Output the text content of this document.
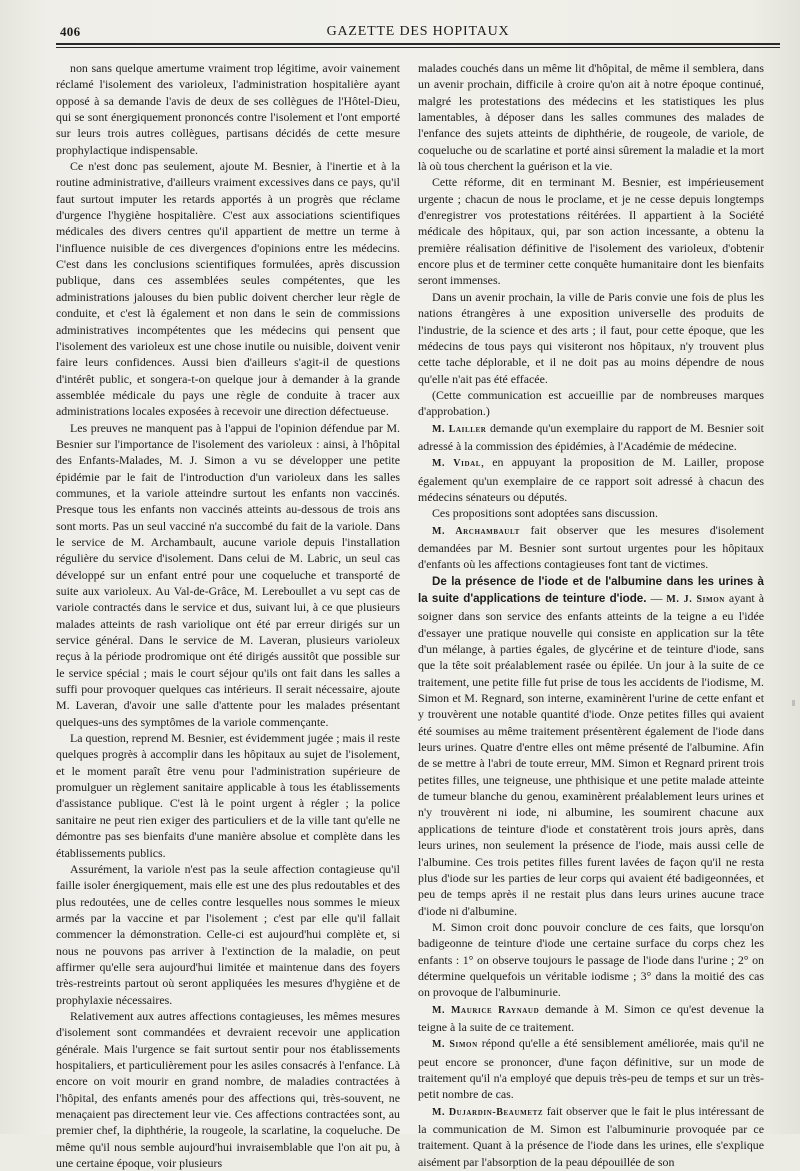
406	GAZETTE DES HOPITAUX

non sans quelque amertume vraiment trop légitime, avoir vainement réclamé l'isolement des varioleux, l'administration hospitalière ayant opposé à sa demande l'avis de deux de ses collègues de l'Hôtel-Dieu, qui se sont énergiquement prononcés contre l'isolement et l'ont emporté sur leurs trois autres collègues, partisans décidés de cette mesure prophylactique indispensable.

Ce n'est donc pas seulement, ajoute M. Besnier, à l'inertie et à la routine administrative, d'ailleurs vraiment excessives dans ce pays, qu'il faut surtout imputer les retards apportés à un progrès que réclame d'urgence l'hygiène hospitalière. C'est aux associations scientifiques médicales des divers centres qu'il appartient de mettre un terme à l'influence nuisible de ces divergences d'opinions entre les médecins. C'est dans les conclusions scientifiques formulées, après discussion publique, dans ces assemblées seules compétentes, que les administrations jalouses du bien public doivent chercher leur règle de conduite, et c'est là également et non dans le sein de commissions administratives incompétentes que les médecins qui pensent que l'isolement des varioleux est une chose inutile ou nuisible, doivent venir faire leurs confidences. Aussi bien d'ailleurs s'agit-il de questions d'intérêt public, et songera-t-on quelque jour à demander à la grande assemblée médicale du pays une règle de conduite à tracer aux administrations locales exposées à recevoir une direction défectueuse.

Les preuves ne manquent pas à l'appui de l'opinion défendue par M. Besnier sur l'importance de l'isolement des varioleux : ainsi, à l'hôpital des Enfants-Malades, M. J. Simon a vu se développer une petite épidémie par le fait de l'introduction d'un varioleux dans les salles communes, et la variole atteindre surtout les enfants non vaccinés. Presque tous les enfants non vaccinés atteints au-dessous de trois ans sont morts. Pas un seul vacciné n'a succombé du fait de la variole. Dans le service de M. Archambault, aucune variole depuis l'installation régulière du service d'isolement. Dans celui de M. Labric, un seul cas développé sur un enfant entré pour une coqueluche et transporté de suite aux varioleux. Au Val-de-Grâce, M. Lereboullet a vu sept cas de variole contractés dans le service et dus, suivant lui, à ce que plusieurs malades atteints de rash variolique ont été par erreur dirigés sur un service général. Dans le service de M. Laveran, plusieurs varioleux reçus à la période prodromique ont été dirigés aussitôt que possible sur le service spécial ; mais le court séjour qu'ils ont fait dans les salles a suffi pour provoquer quelques cas intérieurs. Il serait nécessaire, ajoute M. Laveran, d'avoir une salle d'attente pour les malades présentant quelques-uns des symptômes de la variole commençante.

La question, reprend M. Besnier, est évidemment jugée ; mais il reste quelques progrès à accomplir dans les hôpitaux au sujet de l'isolement, et le moment paraît être venu pour l'administration supérieure de promulguer un règlement sanitaire applicable à tous les établissements d'assistance publique. C'est là le point urgent à régler ; la police sanitaire ne peut rien exiger des particuliers et de la ville tant qu'elle ne démontre pas ses bienfaits d'une manière absolue et complète dans les établissements publics.

Assurément, la variole n'est pas la seule affection contagieuse qu'il faille isoler énergiquement, mais elle est une des plus redoutables et des plus redoutées, une de celles contre lesquelles nous sommes le mieux armés par la vaccine et par l'isolement ; c'est par elle qu'il fallait commencer la démonstration. Celle-ci est aujourd'hui complète et, si nous ne pouvons pas arriver à l'extinction de la maladie, on peut affirmer qu'elle sera aujourd'hui limitée et maintenue dans des foyers très-restreints partout où seront appliquées les mesures d'hygiène et de prophylaxie nécessaires.

Relativement aux autres affections contagieuses, les mêmes mesures d'isolement sont commandées et devraient recevoir une application générale. Mais l'urgence se fait surtout sentir pour nos établissements hospitaliers, et particulièrement pour les asiles consacrés à l'enfance. Là encore on voit mourir en grand nombre, de maladies contractées à l'hôpital, des enfants amenés pour des affections qui, très-souvent, ne menaçaient pas directement leur vie. Ces affections contractées sont, au premier chef, la diphthérie, la rougeole, la scarlatine, la coqueluche. De même qu'il nous semble aujourd'hui invraisemblable que l'on ait pu, à une certaine époque, voir plusieurs

malades couchés dans un même lit d'hôpital, de même il semblera, dans un avenir prochain, difficile à croire qu'on ait à notre époque continué, malgré les protestations des médecins et les statistiques les plus lamentables, à déposer dans les salles communes des malades de l'enfance des sujets atteints de diphthérie, de rougeole, de variole, de coqueluche ou de scarlatine et porté ainsi sûrement la maladie et la mort là où tous cherchent la guérison et la vie.

Cette réforme, dit en terminant M. Besnier, est impérieusement urgente ; chacun de nous le proclame, et je ne cesse depuis longtemps d'enregistrer vos protestations réitérées. Il appartient à la Société médicale des hôpitaux, qui, par son action incessante, a obtenu la première réalisation définitive de l'isolement des varioleux, d'obtenir encore plus et de terminer cette conquête humanitaire dont les bienfaits seront immenses.

Dans un avenir prochain, la ville de Paris convie une fois de plus les nations étrangères à une exposition universelle des produits de l'industrie, de la science et des arts ; il faut, pour cette époque, que les médecins de tous pays qui visiteront nos hôpitaux, n'y trouvent plus cette tache déplorable, et il ne doit pas au moins dépendre de nous qu'elle n'ait pas été effacée.

(Cette communication est accueillie par de nombreuses marques d'approbation.)

M. Lailler demande qu'un exemplaire du rapport de M. Besnier soit adressé à la commission des épidémies, à l'Académie de médecine.

M. Vidal, en appuyant la proposition de M. Lailler, propose également qu'un exemplaire de ce rapport soit adressé à chacun des médecins sénateurs ou députés.

Ces propositions sont adoptées sans discussion.

M. Archambault fait observer que les mesures d'isolement demandées par M. Besnier sont surtout urgentes pour les hôpitaux d'enfants où les affections contagieuses font tant de victimes.

De la présence de l'iode et de l'albumine dans les urines à la suite d'applications de teinture d'iode. — M. J. Simon ayant à soigner dans son service des enfants atteints de la teigne a eu l'idée d'essayer une pratique nouvelle qui consiste en application sur la tête d'un mélange, à parties égales, de glycérine et de teinture d'iode, sans que la tête soit préalablement rasée ou épilée. Un jour à la suite de ce traitement, une petite fille fut prise de tous les accidents de l'iodisme, M. Simon et M. Regnard, son interne, examinèrent l'urine de cette enfant et y trouvèrent une notable quantité d'iode. Onze petites filles qui avaient été soumises au même traitement présentèrent également de l'iode dans leurs urines. Quatre d'entre elles ont même présenté de l'albumine. Afin de se mettre à l'abri de toute erreur, MM. Simon et Regnard prirent trois petites filles, une teigneuse, une phthisique et une petite malade atteinte de tumeur blanche du genou, examinèrent préalablement leurs urines et n'y trouvèrent ni iode, ni albumine, les soumirent chacune aux applications de teinture d'iode et constatèrent trois jours après, dans leurs urines, non seulement la présence de l'iode, mais aussi celle de l'albumine. Ces trois petites filles furent lavées de façon qu'il ne resta plus d'iode sur les parties de leur corps qui avaient été badigeonnées, et peu de temps après il ne restait plus dans leurs urines aucune trace d'iode ni d'albumine.

M. Simon croit donc pouvoir conclure de ces faits, que lorsqu'on badigeonne de teinture d'iode une certaine surface du corps chez les enfants : 1° on observe toujours le passage de l'iode dans l'urine ; 2° on détermine quelquefois un véritable iodisme ; 3° dans la moitié des cas on provoque de l'albuminurie.

M. Maurice Raynaud demande à M. Simon ce qu'est devenue la teigne à la suite de ce traitement.

M. Simon répond qu'elle a été sensiblement améliorée, mais qu'il ne peut encore se prononcer, d'une façon définitive, sur un mode de traitement qu'il n'a employé que depuis très-peu de temps et sur un très-petit nombre de cas.

M. Dujardin-Beaumetz fait observer que le fait le plus intéressant de la communication de M. Simon est l'albuminurie provoquée par ce traitement. Quant à la présence de l'iode dans les urines, elle s'explique aisément par l'absorption de la peau dépouillée de son
